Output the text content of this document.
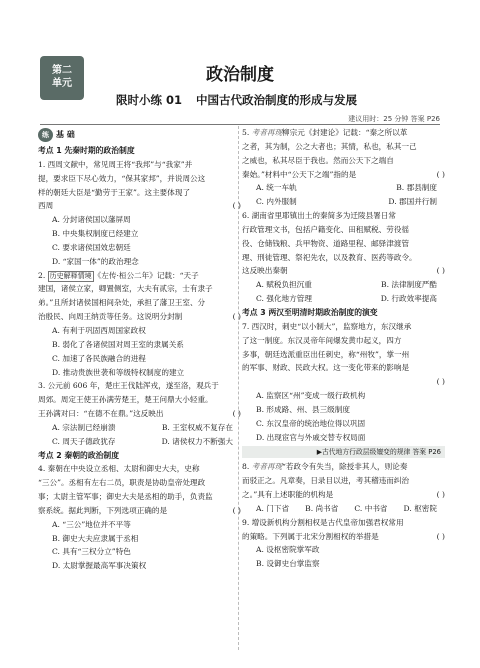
第二
单元	政治制度
限时小练 01 中国古代政治制度的形成与发展
建议用时：25 分钟 答案 P26
练 基 础
考点 1 先秦时期的政治制度

1. 西周文献中，常见周王将“我邦”与“我家”并

提，要求臣下尽心效力，“保其家邦”，并说周公这

样的朝廷大臣是“勤劳于王家”。这主要体现了

西周	( )

A. 分封诸侯国以藩屏周
B. 中央集权制度已经建立
C. 要求诸侯国效忠朝廷
D. “家国一体”的政治理念

2. 历史解释情境 《左传·桓公二年》记载：“天子

建国，诸侯立家，卿置侧室，大夫有贰宗，士有隶子

弟。”且所封诸侯国相间杂处，承担了藩卫王室、分

治殷民、向周王纳贡等任务。这说明分封制	( )

A. 有利于巩固西周国家政权
B. 弱化了各诸侯国对周王室的隶属关系
C. 加速了各民族融合的进程
D. 推动贵族世袭和等级特权制度的建立

3. 公元前 606 年，楚庄王伐陆浑戎，遂至洛，观兵于

周郊。周定王使王孙满劳楚王，楚王问鼎大小轻重。

王孙满对曰：“在德不在鼎。”这反映出	( )

A. 宗法制已经崩溃	B. 王室权威不复存在
C. 周天子德政犹存	D. 诸侯权力不断强大
考点 2 秦朝的政治制度

4. 秦朝在中央设立丞相、太尉和御史大夫，史称

“三公”。丞相有左右二员，职责是协助皇帝处理政

事；太尉主管军事；御史大夫是丞相的助手，负责监

察系统。据此判断，下列选项正确的是	( )

A. “三公”地位并不平等
B. 御史大夫应隶属于丞相
C. 具有“三权分立”特色
D. 太尉掌握最高军事决策权

5. 考者再现柳宗元《封建论》记载：“秦之所以革

之者，其为制，公之大者也；其情，私也，私其一己

之威也，私其尽臣于我也。然而公天下之端自

秦始。”材料中“公天下之端”指的是	( )

A. 统一车轨	B. 郡县制度
C. 内外服制	D. 郡国并行制

6. 湖南省里耶镇出土的秦简多为迁陵县署日常

行政管理文书，包括户籍变化、田租赋税、劳役徭

役、仓储钱粮、兵甲物资、道路里程、邮驿津渡管

理、刑徒管理、祭祀先农，以及教育、医药等政令。

这反映出秦朝	( )

A. 赋税负担沉重	B. 法律制度严酷
C. 强化地方管理	D. 行政效率提高
考点 3 两汉至明清时期政治制度的演变

7. 西汉时，刺史“以小制大”，监察地方，东汉继承

了这一制度。东汉灵帝年间爆发黄巾起义，四方

多事，朝廷选派重臣出任刺史，称“州牧”，掌一州

的军事、财政、民政大权。这一变化带来的影响是

( )

A. 监察区“州”变成一级行政机构
B. 形成路、州、县三级制度
C. 东汉皇帝的统治地位得以巩固
D. 出现宦官与外戚交替专权局面
▶古代地方行政层级嬗变的规律 答案 P26

8. 考者再现“若政令有失当，除授非其人，则论奏

而驳正之。凡章奏，日录目以进，考其稽违而纠治

之。”具有上述职能的机构是	( )

A. 门下省 B. 尚书省 C. 中书省 D. 枢密院

9. 增设新机构分割相权是古代皇帝加强君权常用

的策略。下列属于北宋分割相权的举措是	( )

A. 设枢密院掌军政
B. 设御史台掌监察
